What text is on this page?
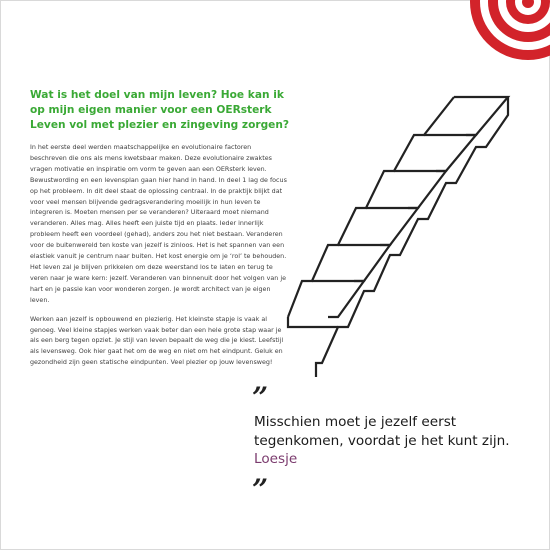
Wat is het doel van mijn leven? Hoe kan ik op mijn eigen manier voor een OERsterk Leven vol met plezier en zingeving zorgen?

In het eerste deel werden maatschappelijke en evolutionaire factoren beschreven die ons als mens kwetsbaar maken. Deze evolutionaire zwaktes vragen motivatie en inspiratie om vorm te geven aan een OERsterk leven. Bewustwording en een levensplan gaan hier hand in hand. In deel 1 lag de focus op het probleem. In dit deel staat de oplossing centraal. In de praktijk blijkt dat voor veel mensen blijvende gedragsverandering moeilijk in hun leven te integreren is. Moeten mensen per se veranderen? Uiteraard moet niemand veranderen. Alles mag. Alles heeft een juiste tijd en plaats. Ieder innerlijk probleem heeft een voordeel (gehad), anders zou het niet bestaan. Veranderen voor de buitenwereld ten koste van jezelf is zinloos. Het is het spannen van een elastiek vanuit je centrum naar buiten. Het kost energie om je ‘rol’ te behouden. Het leven zal je blijven prikkelen om deze weerstand los te laten en terug te veren naar je ware kern: jezelf. Veranderen van binnenuit door het volgen van je hart en je passie kan voor wonderen zorgen. Je wordt architect van je eigen leven.

Werken aan jezelf is opbouwend en plezierig. Het kleinste stapje is vaak al genoeg. Veel kleine stapjes werken vaak beter dan een hele grote stap waar je als een berg tegen opziet. Je stijl van leven bepaalt de weg die je kiest. Leefstijl als levensweg. Ook hier gaat het om de weg en niet om het eindpunt. Geluk en gezondheid zijn geen statische eindpunten. Veel plezier op jouw levensweg!

”

Misschien moet je jezelf eerst tegenkomen, voordat je het kunt zijn. Loesje

”
